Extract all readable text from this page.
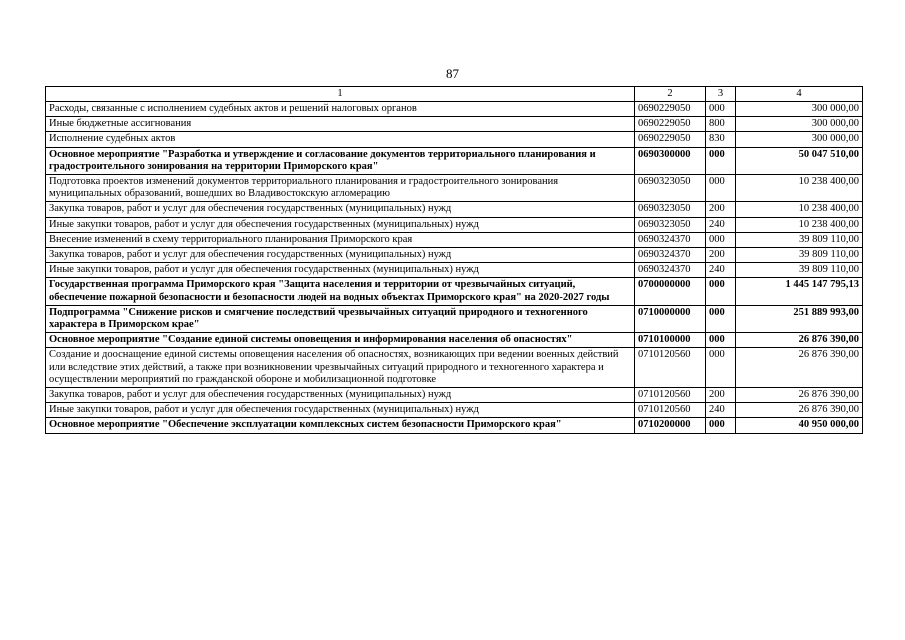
87
1	2	3	4
Расходы, связанные с исполнением судебных актов и решений налоговых органов	0690229050	000	300 000,00
Иные бюджетные ассигнования	0690229050	800	300 000,00
Исполнение судебных актов	0690229050	830	300 000,00
Основное мероприятие "Разработка и утверждение и согласование документов территориального планирования и градостроительного зонирования на территории Приморского края"	0690300000	000	50 047 510,00
Подготовка проектов изменений документов территориального планирования и градостроительного зонирования муниципальных образований, вошедших во Владивостокскую агломерацию	0690323050	000	10 238 400,00
Закупка товаров, работ и услуг для обеспечения государственных (муниципальных) нужд	0690323050	200	10 238 400,00
Иные закупки товаров, работ и услуг для обеспечения государственных (муниципальных) нужд	0690323050	240	10 238 400,00
Внесение изменений в схему территориального планирования Приморского края	0690324370	000	39 809 110,00
Закупка товаров, работ и услуг для обеспечения государственных (муниципальных) нужд	0690324370	200	39 809 110,00
Иные закупки товаров, работ и услуг для обеспечения государственных (муниципальных) нужд	0690324370	240	39 809 110,00
Государственная программа Приморского края "Защита населения и территории от чрезвычайных ситуаций, обеспечение пожарной безопасности и безопасности людей на водных объектах Приморского края" на 2020-2027 годы	0700000000	000	1 445 147 795,13
Подпрограмма "Снижение рисков и смягчение последствий чрезвычайных ситуаций природного и техногенного характера в Приморском крае"	0710000000	000	251 889 993,00
Основное мероприятие "Создание единой системы оповещения и информирования населения об опасностях"	0710100000	000	26 876 390,00
Создание и дооснащение единой системы оповещения населения об опасностях, возникающих при ведении военных действий или вследствие этих действий, а также при возникновении чрезвычайных ситуаций природного и техногенного характера и осуществлении мероприятий по гражданской обороне и мобилизационной подготовке	0710120560	000	26 876 390,00
Закупка товаров, работ и услуг для обеспечения государственных (муниципальных) нужд	0710120560	200	26 876 390,00
Иные закупки товаров, работ и услуг для обеспечения государственных (муниципальных) нужд	0710120560	240	26 876 390,00
Основное мероприятие "Обеспечение эксплуатации комплексных систем безопасности Приморского края"	0710200000	000	40 950 000,00
